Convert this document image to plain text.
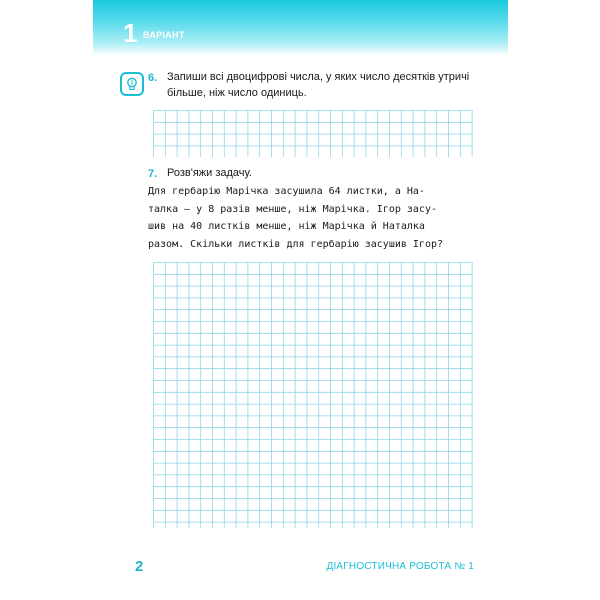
1 ВАРІАНТ
6. Запиши всі двоцифрові числа, у яких число десятків утричі
більше, ніж число одиниць.
7. Розв'яжи задачу.
Для гербарію Марічка засушила 64 листки, а На-
талка — у 8 разів менше, ніж Марічка. Ігор засу-
шив на 40 листків менше, ніж Марічка й Наталка
разом. Скільки листків для гербарію засушив Ігор?
2	ДІАГНОСТИЧНА РОБОТА № 1
